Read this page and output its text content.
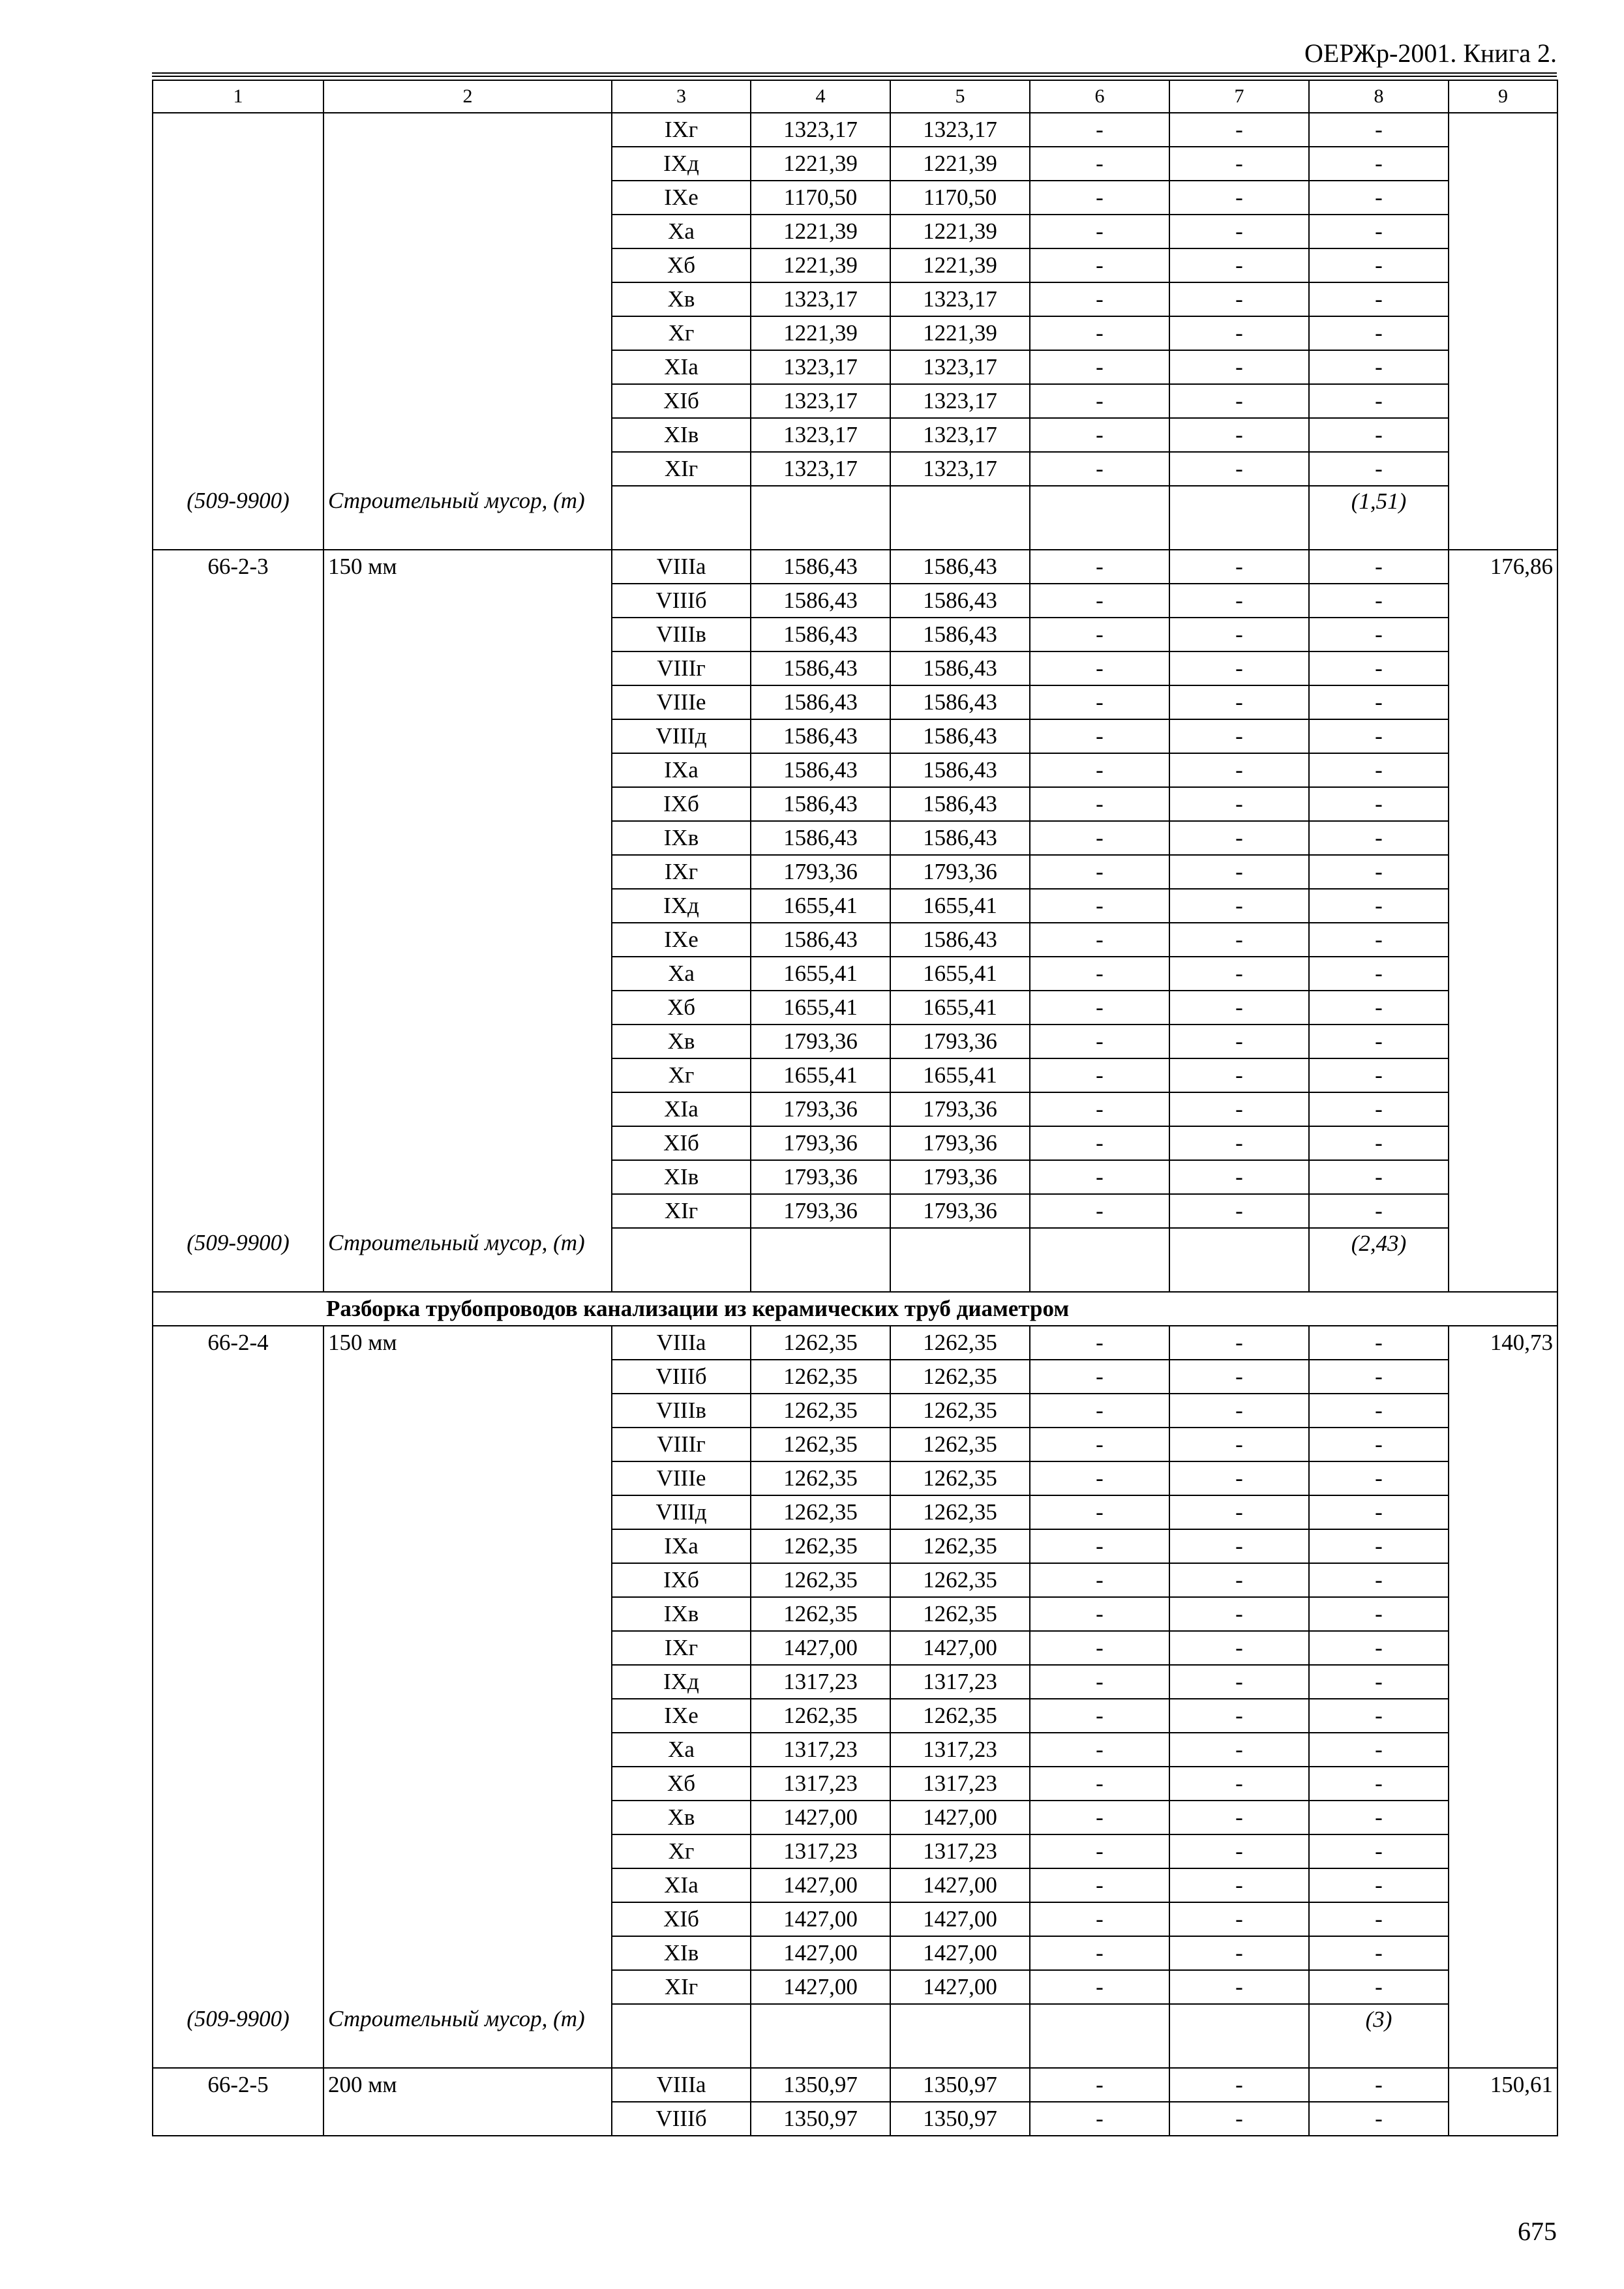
ОЕРЖр-2001. Книга 2.
1	2	3	4	5	6	7	8	9
		IXг	1323,17	1323,17	-	-	-	
		IXд	1221,39	1221,39	-	-	-	
		IXе	1170,50	1170,50	-	-	-	
		Xа	1221,39	1221,39	-	-	-	
		Xб	1221,39	1221,39	-	-	-	
		Xв	1323,17	1323,17	-	-	-	
		Xг	1221,39	1221,39	-	-	-	
		XIа	1323,17	1323,17	-	-	-	
		XIб	1323,17	1323,17	-	-	-	
		XIв	1323,17	1323,17	-	-	-	
		XIг	1323,17	1323,17	-	-	-	
(509-9900)	Строительный мусор, (т)						(1,51)	
66-2-3	150 мм	VIIIа	1586,43	1586,43	-	-	-	176,86
		VIIIб	1586,43	1586,43	-	-	-	
		VIIIв	1586,43	1586,43	-	-	-	
		VIIIг	1586,43	1586,43	-	-	-	
		VIIIе	1586,43	1586,43	-	-	-	
		VIIIд	1586,43	1586,43	-	-	-	
		IXа	1586,43	1586,43	-	-	-	
		IXб	1586,43	1586,43	-	-	-	
		IXв	1586,43	1586,43	-	-	-	
		IXг	1793,36	1793,36	-	-	-	
		IXд	1655,41	1655,41	-	-	-	
		IXе	1586,43	1586,43	-	-	-	
		Xа	1655,41	1655,41	-	-	-	
		Xб	1655,41	1655,41	-	-	-	
		Xв	1793,36	1793,36	-	-	-	
		Xг	1655,41	1655,41	-	-	-	
		XIа	1793,36	1793,36	-	-	-	
		XIб	1793,36	1793,36	-	-	-	
		XIв	1793,36	1793,36	-	-	-	
		XIг	1793,36	1793,36	-	-	-	
(509-9900)	Строительный мусор, (т)						(2,43)	
Разборка трубопроводов канализации из керамических труб диаметром								
66-2-4	150 мм	VIIIа	1262,35	1262,35	-	-	-	140,73
		VIIIб	1262,35	1262,35	-	-	-	
		VIIIв	1262,35	1262,35	-	-	-	
		VIIIг	1262,35	1262,35	-	-	-	
		VIIIе	1262,35	1262,35	-	-	-	
		VIIIд	1262,35	1262,35	-	-	-	
		IXа	1262,35	1262,35	-	-	-	
		IXб	1262,35	1262,35	-	-	-	
		IXв	1262,35	1262,35	-	-	-	
		IXг	1427,00	1427,00	-	-	-	
		IXд	1317,23	1317,23	-	-	-	
		IXе	1262,35	1262,35	-	-	-	
		Xа	1317,23	1317,23	-	-	-	
		Xб	1317,23	1317,23	-	-	-	
		Xв	1427,00	1427,00	-	-	-	
		Xг	1317,23	1317,23	-	-	-	
		XIа	1427,00	1427,00	-	-	-	
		XIб	1427,00	1427,00	-	-	-	
		XIв	1427,00	1427,00	-	-	-	
		XIг	1427,00	1427,00	-	-	-	
(509-9900)	Строительный мусор, (т)						(3)	
66-2-5	200 мм	VIIIа	1350,97	1350,97	-	-	-	150,61
		VIIIб	1350,97	1350,97	-	-	-	
675
